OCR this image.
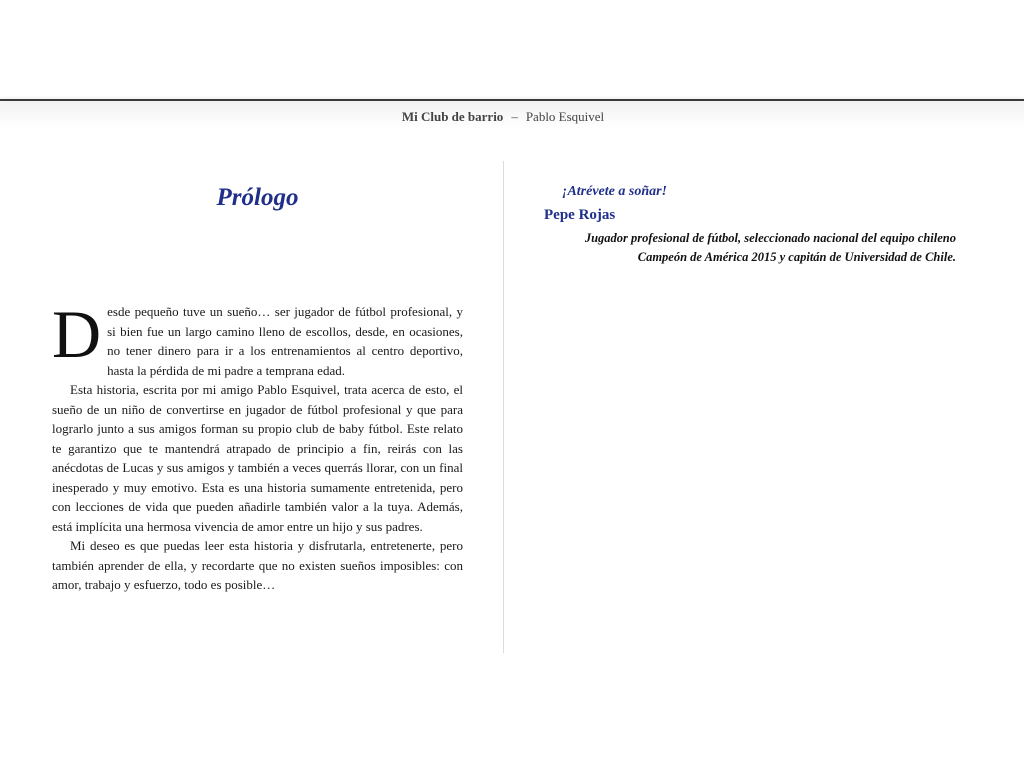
Mi Club de barrio – Pablo Esquivel
Prólogo

Desde pequeño tuve un sueño… ser jugador de fútbol profesional, y si bien fue un largo camino lleno de escollos, desde, en ocasiones, no tener dinero para ir a los entrenamientos al centro deportivo, hasta la pérdida de mi padre a temprana edad.

Esta historia, escrita por mi amigo Pablo Esquivel, trata acerca de esto, el sueño de un niño de convertirse en jugador de fútbol profesional y que para lograrlo junto a sus amigos forman su propio club de baby fútbol. Este relato te garantizo que te mantendrá atrapado de principio a fin, reirás con las anécdotas de Lucas y sus amigos y también a veces querrás llorar, con un final inesperado y muy emotivo. Esta es una historia sumamente entretenida, pero con lecciones de vida que pueden añadirle también valor a la tuya. Además, está implícita una hermosa vivencia de amor entre un hijo y sus padres.

Mi deseo es que puedas leer esta historia y disfrutarla, entretenerte, pero también aprender de ella, y recordarte que no existen sueños imposibles: con amor, trabajo y esfuerzo, todo es posible…

¡Atrévete a soñar!
Pepe Rojas
Jugador profesional de fútbol, seleccionado nacional del equipo chileno
Campeón de América 2015 y capitán de Universidad de Chile.
